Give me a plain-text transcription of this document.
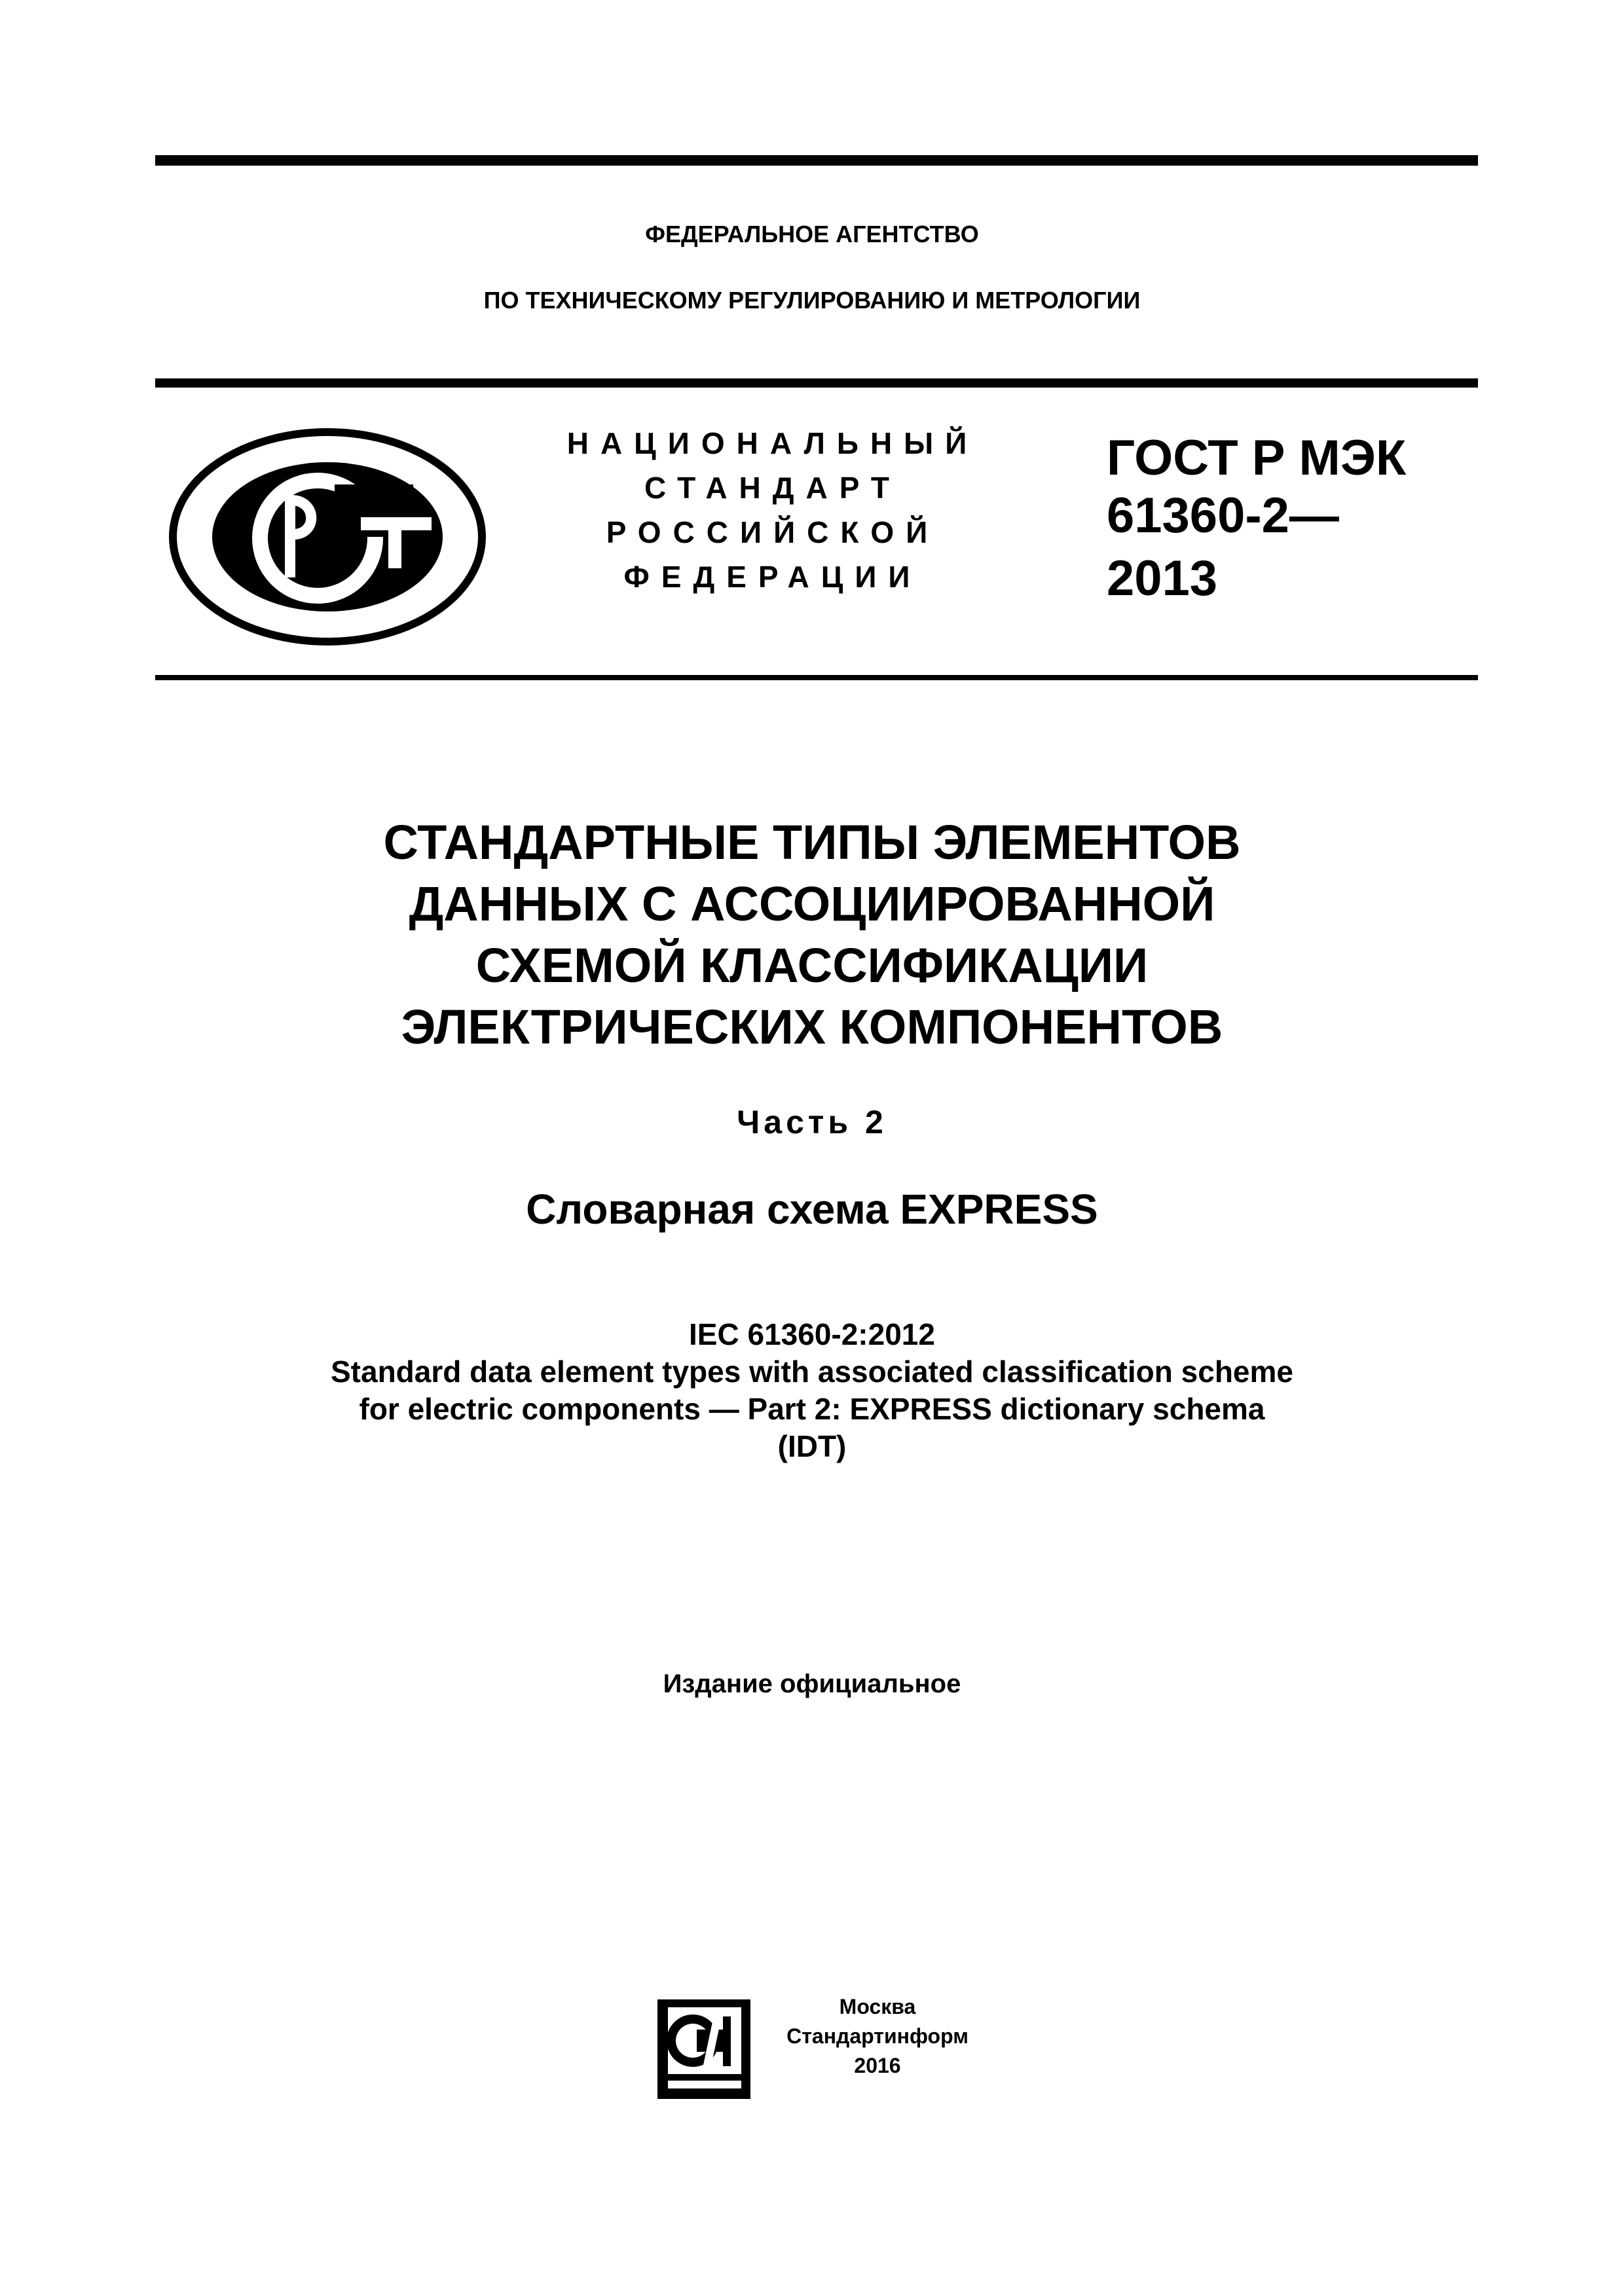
ФЕДЕРАЛЬНОЕ АГЕНТСТВО
ПО ТЕХНИЧЕСКОМУ РЕГУЛИРОВАНИЮ И МЕТРОЛОГИИ
НАЦИОНАЛЬНЫЙ
СТАНДАРТ
РОССИЙСКОЙ
ФЕДЕРАЦИИ
ГОСТ Р МЭК
61360-2—
2013
СТАНДАРТНЫЕ ТИПЫ ЭЛЕМЕНТОВ
ДАННЫХ С АССОЦИИРОВАННОЙ
СХЕМОЙ КЛАССИФИКАЦИИ
ЭЛЕКТРИЧЕСКИХ КОМПОНЕНТОВ
Часть 2
Словарная схема EXPRESS
IEC 61360-2:2012
Standard data element types with associated classification scheme
for electric components — Part 2: EXPRESS dictionary schema
(IDT)
Издание официальное
Москва
Стандартинформ
2016
